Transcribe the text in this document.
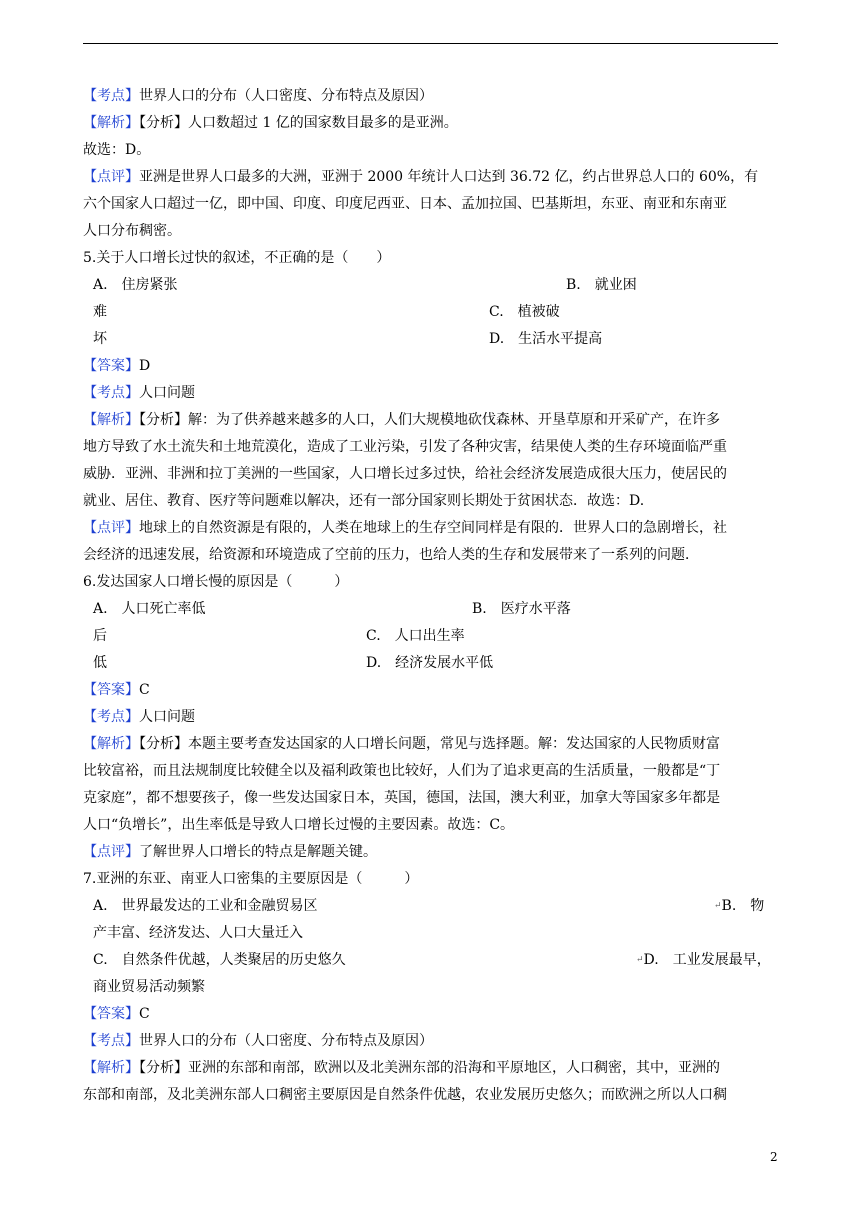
【考点】世界人口的分布（人口密度、分布特点及原因）
【解析】【分析】人口数超过 1 亿的国家数目最多的是亚洲。
故选：D。
【点评】亚洲是世界人口最多的大洲，亚洲于 2000 年统计人口达到 36.72 亿，约占世界总人口的 60%，有
六个国家人口超过一亿，即中国、印度、印度尼西亚、日本、孟加拉国、巴基斯坦，东亚、南亚和东南亚
人口分布稠密。
5.关于人口增长过快的叙述，不正确的是（　　）
A.　住房紧张	B.　就业困
难	C.　植被破
坏	D.　生活水平提高
【答案】D
【考点】人口问题
【解析】【分析】解：为了供养越来越多的人口，人们大规模地砍伐森林、开垦草原和开采矿产，在许多
地方导致了水土流失和土地荒漠化，造成了工业污染，引发了各种灾害，结果使人类的生存环境面临严重
威胁．亚洲、非洲和拉丁美洲的一些国家，人口增长过多过快，给社会经济发展造成很大压力，使居民的
就业、居住、教育、医疗等问题难以解决，还有一部分国家则长期处于贫困状态．故选：D.
【点评】地球上的自然资源是有限的，人类在地球上的生存空间同样是有限的．世界人口的急剧增长，社
会经济的迅速发展，给资源和环境造成了空前的压力，也给人类的生存和发展带来了一系列的问题．
6.发达国家人口增长慢的原因是（　　　）
A.　人口死亡率低	B.　医疗水平落
后	C.　人口出生率
低	D.　经济发展水平低
【答案】C
【考点】人口问题
【解析】【分析】本题主要考查发达国家的人口增长问题，常见与选择题。解：发达国家的人民物质财富
比较富裕，而且法规制度比较健全以及福利政策也比较好，人们为了追求更高的生活质量，一般都是“丁
克家庭”，都不想要孩子，像一些发达国家日本，英国，德国，法国，澳大利亚，加拿大等国家多年都是
人口“负增长”，出生率低是导致人口增长过慢的主要因素。故选：C。
【点评】了解世界人口增长的特点是解题关键。
7.亚洲的东亚、南亚人口密集的主要原因是（　　　）
A.　世界最发达的工业和金融贸易区	↵B.　物
产丰富、经济发达、人口大量迁入
C.　自然条件优越，人类聚居的历史悠久	↵D.　工业发展最早，
商业贸易活动频繁
【答案】C
【考点】世界人口的分布（人口密度、分布特点及原因）
【解析】【分析】亚洲的东部和南部，欧洲以及北美洲东部的沿海和平原地区，人口稠密，其中，亚洲的
东部和南部，及北美洲东部人口稠密主要原因是自然条件优越，农业发展历史悠久；而欧洲之所以人口稠
2
